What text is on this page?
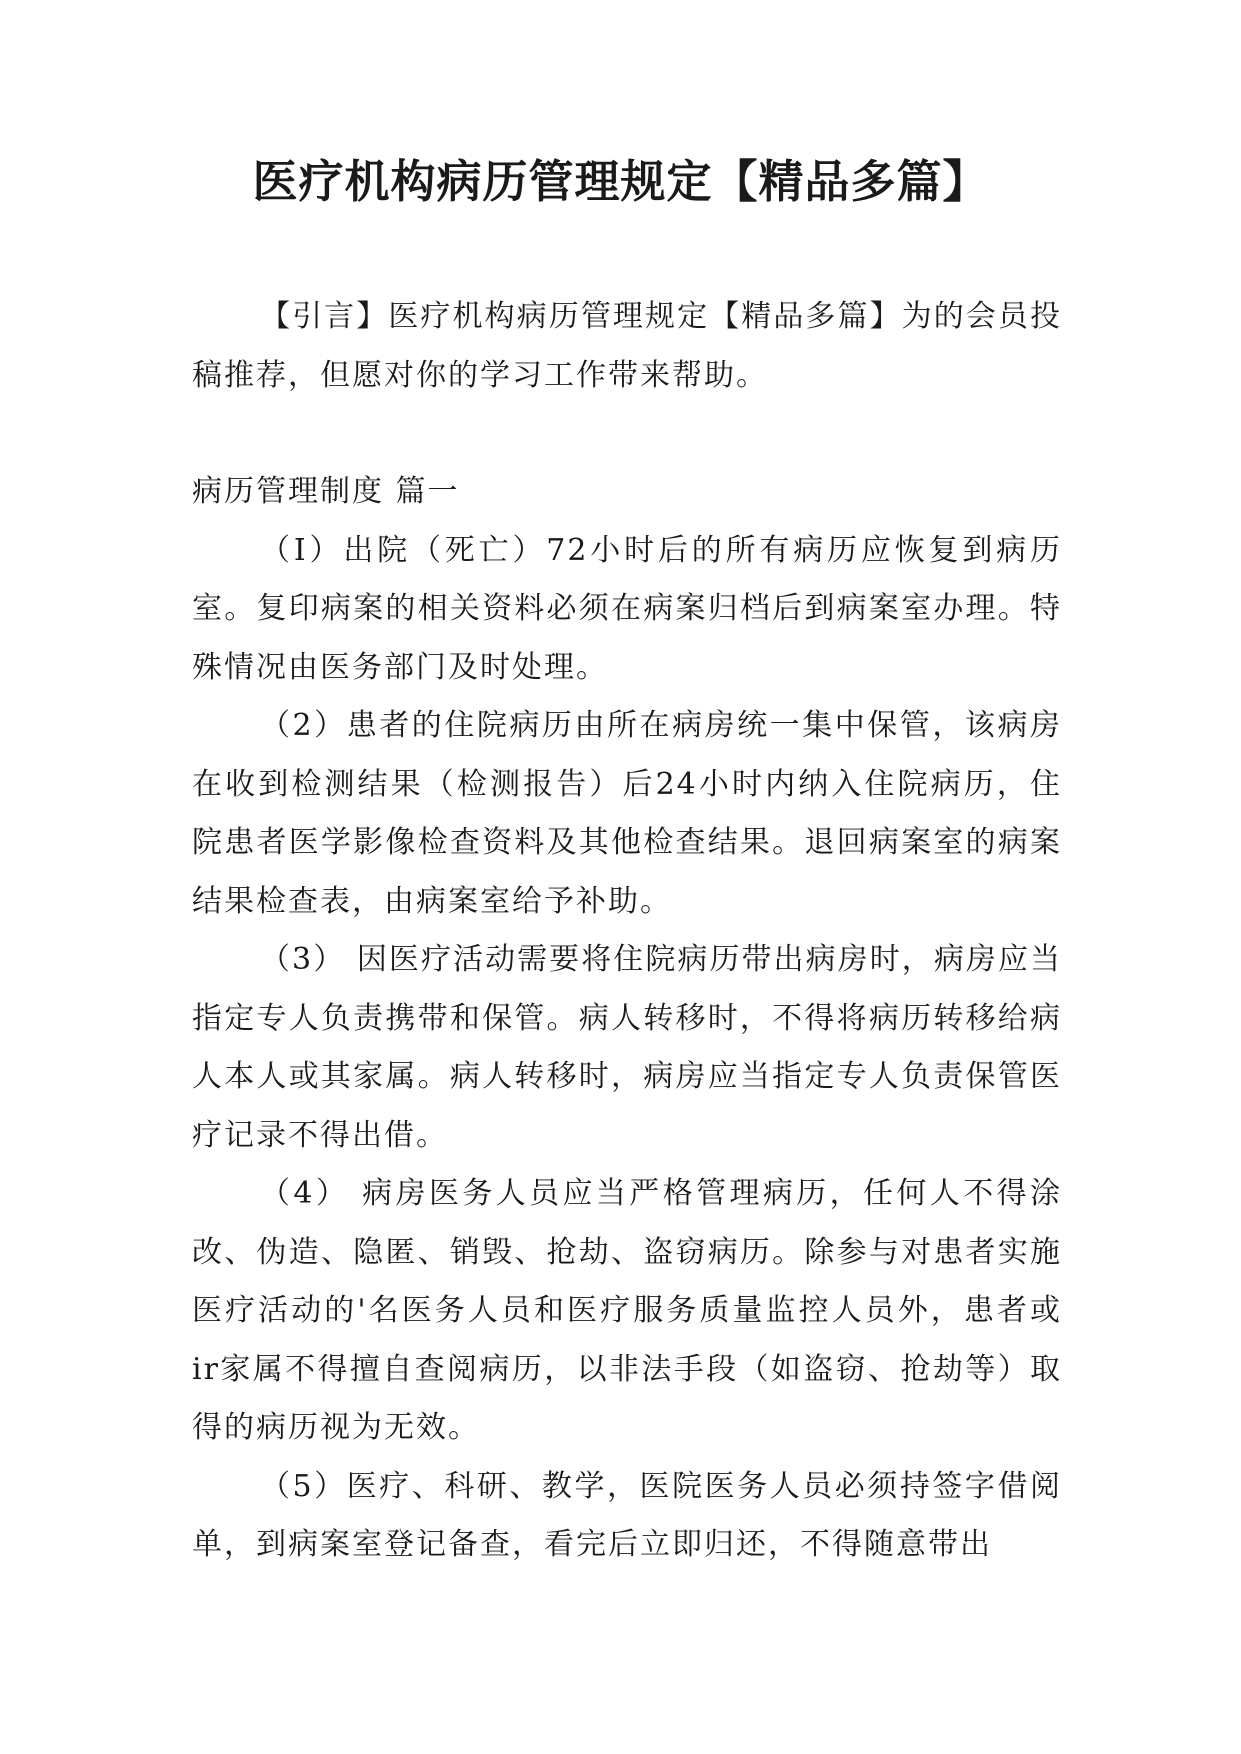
医疗机构病历管理规定【精品多篇】

【引言】医疗机构病历管理规定【精品多篇】为的会员投稿推荐，但愿对你的学习工作带来帮助。

病历管理制度 篇一

（I）出院（死亡）72小时后的所有病历应恢复到病历室。复印病案的相关资料必须在病案归档后到病案室办理。特殊情况由医务部门及时处理。

（2）患者的住院病历由所在病房统一集中保管，该病房在收到检测结果（检测报告）后24小时内纳入住院病历，住院患者医学影像检查资料及其他检查结果。退回病案室的病案结果检查表，由病案室给予补助。

（3） 因医疗活动需要将住院病历带出病房时，病房应当指定专人负责携带和保管。病人转移时，不得将病历转移给病人本人或其家属。病人转移时，病房应当指定专人负责保管医疗记录不得出借。

（4） 病房医务人员应当严格管理病历，任何人不得涂改、伪造、隐匿、销毁、抢劫、盗窃病历。除参与对患者实施医疗活动的'名医务人员和医疗服务质量监控人员外，患者或ir家属不得擅自查阅病历，以非法手段（如盗窃、抢劫等）取得的病历视为无效。

（5）医疗、科研、教学，医院医务人员必须持签字借阅单，到病案室登记备查，看完后立即归还，不得随意带出
